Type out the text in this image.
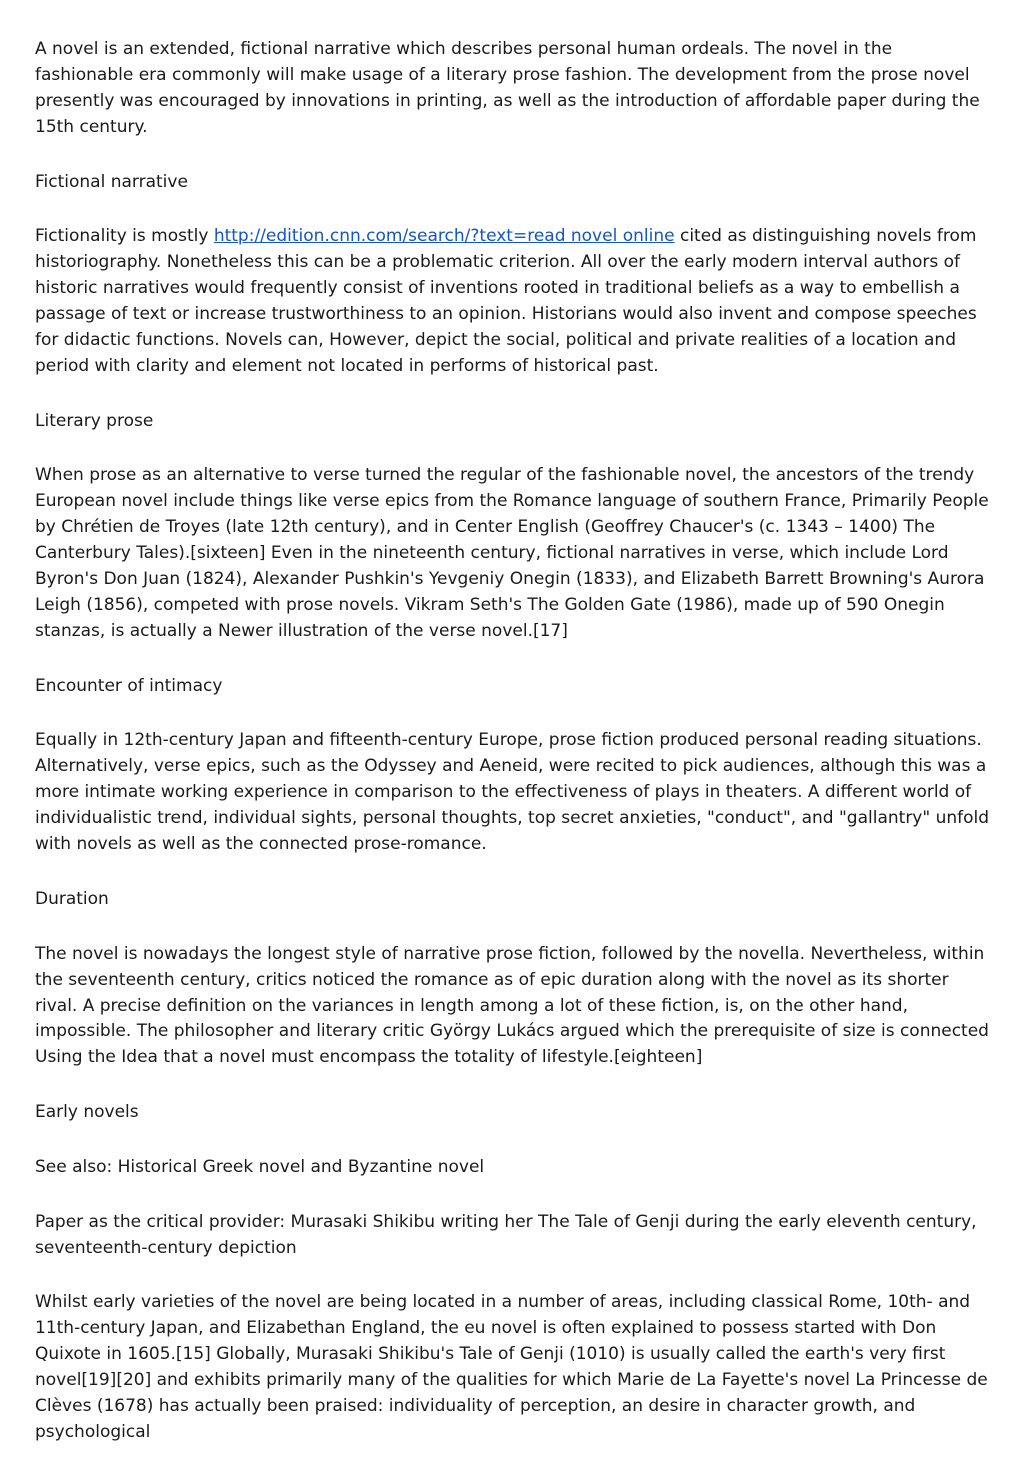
A novel is an extended, fictional narrative which describes personal human ordeals. The novel in the fashionable era commonly will make usage of a literary prose fashion. The development from the prose novel presently was encouraged by innovations in printing, as well as the introduction of affordable paper during the 15th century.

Fictional narrative

Fictionality is mostly http://edition.cnn.com/search/?text=read novel online cited as distinguishing novels from historiography. Nonetheless this can be a problematic criterion. All over the early modern interval authors of historic narratives would frequently consist of inventions rooted in traditional beliefs as a way to embellish a passage of text or increase trustworthiness to an opinion. Historians would also invent and compose speeches for didactic functions. Novels can, However, depict the social, political and private realities of a location and period with clarity and element not located in performs of historical past.

Literary prose

When prose as an alternative to verse turned the regular of the fashionable novel, the ancestors of the trendy European novel include things like verse epics from the Romance language of southern France, Primarily People by Chrétien de Troyes (late 12th century), and in Center English (Geoffrey Chaucer's (c. 1343 – 1400) The Canterbury Tales).[sixteen] Even in the nineteenth century, fictional narratives in verse, which include Lord Byron's Don Juan (1824), Alexander Pushkin's Yevgeniy Onegin (1833), and Elizabeth Barrett Browning's Aurora Leigh (1856), competed with prose novels. Vikram Seth's The Golden Gate (1986), made up of 590 Onegin stanzas, is actually a Newer illustration of the verse novel.[17]

Encounter of intimacy

Equally in 12th-century Japan and fifteenth-century Europe, prose fiction produced personal reading situations. Alternatively, verse epics, such as the Odyssey and Aeneid, were recited to pick audiences, although this was a more intimate working experience in comparison to the effectiveness of plays in theaters. A different world of individualistic trend, individual sights, personal thoughts, top secret anxieties, "conduct", and "gallantry" unfold with novels as well as the connected prose-romance.

Duration

The novel is nowadays the longest style of narrative prose fiction, followed by the novella. Nevertheless, within the seventeenth century, critics noticed the romance as of epic duration along with the novel as its shorter rival. A precise definition on the variances in length among a lot of these fiction, is, on the other hand, impossible. The philosopher and literary critic György Lukács argued which the prerequisite of size is connected Using the Idea that a novel must encompass the totality of lifestyle.[eighteen]

Early novels

See also: Historical Greek novel and Byzantine novel

Paper as the critical provider: Murasaki Shikibu writing her The Tale of Genji during the early eleventh century, seventeenth-century depiction

Whilst early varieties of the novel are being located in a number of areas, including classical Rome, 10th- and 11th-century Japan, and Elizabethan England, the eu novel is often explained to possess started with Don Quixote in 1605.[15] Globally, Murasaki Shikibu's Tale of Genji (1010) is usually called the earth's very first novel[19][20] and exhibits primarily many of the qualities for which Marie de La Fayette's novel La Princesse de Clèves (1678) has actually been praised: individuality of perception, an desire in character growth, and psychological
